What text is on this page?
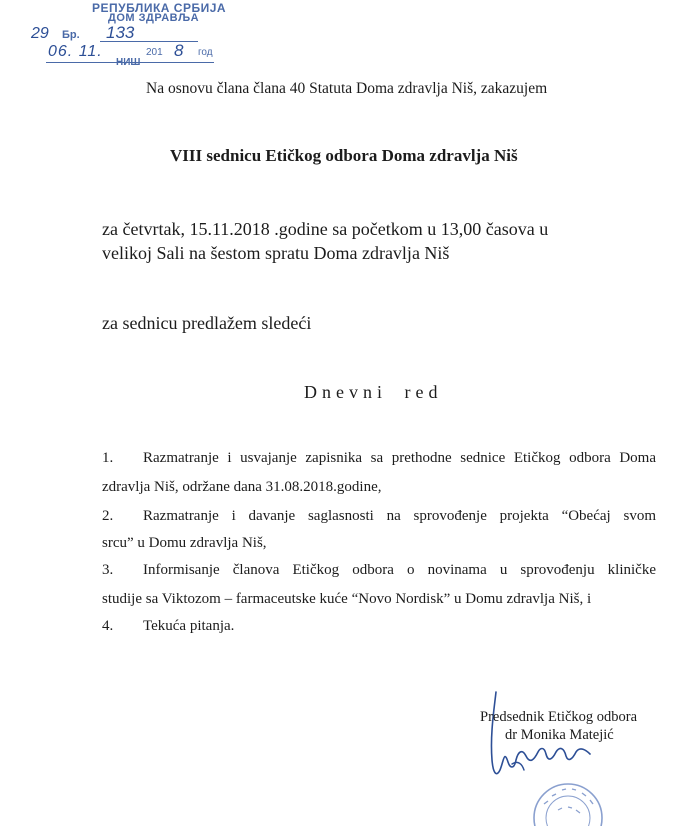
РЕПУБЛИКА СРБИЈА
ДОМ ЗДРАВЉА
29 Бр. 133
06. 11.	201 8 год
НИШ
Na osnovu člana člana 40 Statuta Doma zdravlja Niš, zakazujem
VIII sednicu Etičkog odbora Doma zdravlja Niš
za četvrtak, 15.11.2018 .godine sa početkom u 13,00 časova u
velikoj Sali na šestom spratu Doma zdravlja Niš
za sednicu predlažem sledeći
Dnevni red
1. Razmatranje i usvajanje zapisnika sa prethodne sednice Etičkog odbora Doma
zdravlja Niš, održane dana 31.08.2018.godine,
2. Razmatranje i davanje saglasnosti na sprovođenje projekta “Obećaj svom
srcu” u Domu zdravlja Niš,
3. Informisanje članova Etičkog odbora o novinama u sprovođenju kliničke
studije sa Viktozom – farmaceutske kuće “Novo Nordisk” u Domu zdravlja Niš, i
4. Tekuća pitanja.
Predsednik Etičkog odbora
dr Monika Matejić
